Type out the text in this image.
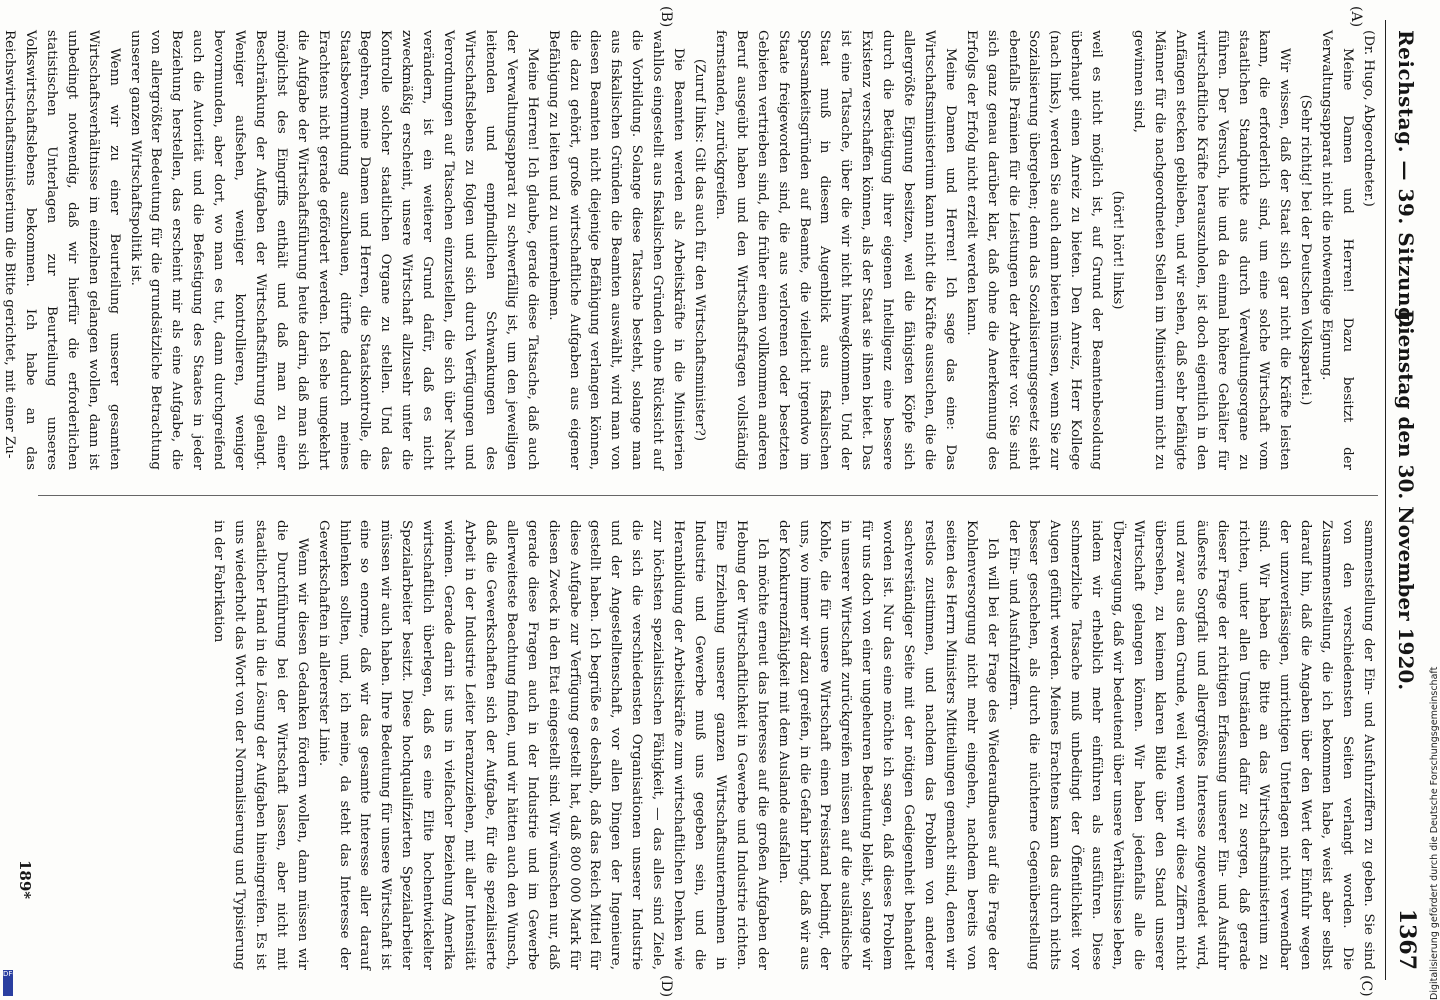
Reichstag. — 39. Sitzung.
Dienstag den 30. November 1920.
1367
(A)
(B)
(C)
(D)

(Dr. Hugo, Abgeordneter.)

Meine Damen und Herren! Dazu besitzt der Verwaltungsapparat nicht die notwendige Eignung.

(Sehr richtig! bei der Deutschen Volkspartei.)

Wir wissen, daß der Staat sich gar nicht die Kräfte leisten kann, die erforderlich sind, um eine solche Wirtschaft vom staatlichen Standpunkte aus durch Verwaltungsorgane zu führen. Der Versuch, hie und da einmal höhere Gehälter für wirtschaftliche Kräfte herauszuholen, ist doch eigentlich in den Anfängen stecken geblieben, und wir sehen, daß sehr befähigte Männer für die nachgeordneten Stellen im Ministerium nicht zu gewinnen sind,

(hört! hört! links)

weil es nicht möglich ist, auf Grund der Beamtenbesoldung überhaupt einen Anreiz zu bieten. Den Anreiz, Herr Kollege (nach links), werden Sie auch dann bieten müssen, wenn Sie zur Sozialisierung übergehen; denn das Sozialisierungsgesetz sieht ebenfalls Prämien für die Leistungen der Arbeiter vor. Sie sind sich ganz genau darüber klar, daß ohne die Anerkennung des Erfolgs der Erfolg nicht erzielt werden kann.

Meine Damen und Herren! Ich sage das eine: Das Wirtschaftsministerium kann nicht die Kräfte aussuchen, die die allergrößte Eignung besitzen, weil die fähigsten Köpfe sich durch die Betätigung ihrer eigenen Intelligenz eine bessere Existenz verschaffen können, als der Staat sie ihnen bietet. Das ist eine Tatsache, über die wir nicht hinwegkommen. Und der Staat muß in diesem Augenblick aus fiskalischen Sparsamkeitsgründen auf Beamte, die vielleicht irgendwo im Staate freigeworden sind, die aus verlorenen oder besetzten Gebieten vertrieben sind, die früher einen vollkommen anderen Beruf ausgeübt haben und den Wirtschaftsfragen vollständig fernstanden, zurückgreifen.

(Zuruf links: Gilt das auch für den Wirtschaftsminister?)

Die Beamten werden als Arbeitskräfte in die Ministerien wahllos eingestellt aus fiskalischen Gründen ohne Rücksicht auf die Vorbildung. Solange diese Tatsache besteht, solange man aus fiskalischen Gründen die Beamten auswählt, wird man von diesen Beamten nicht diejenige Befähigung verlangen können, die dazu gehört, große wirtschaftliche Aufgaben aus eigener Befähigung zu leiten und zu unternehmen.

Meine Herren! Ich glaube, gerade diese Tatsache, daß auch der Verwaltungsapparat zu schwerfällig ist, um den jeweiligen leitenden und empfindlichen Schwankungen des Wirtschaftslebens zu folgen und sich durch Verfügungen und Verordnungen auf Tatsachen einzustellen, die sich über Nacht verändern, ist ein weiterer Grund dafür, daß es nicht zweckmäßig erscheint, unsere Wirtschaft allzusehr unter die Kontrolle solcher staatlichen Organe zu stellen. Und das Begehren, meine Damen und Herren, die Staatskontrolle, die Staatsbevormundung auszubauen, dürfte dadurch meines Erachtens nicht gerade gefördert werden. Ich sehe umgekehrt die Aufgabe der Wirtschaftsführung heute darin, daß man sich möglichst des Eingriffs enthält und daß man zu einer Beschränkung der Aufgaben der Wirtschaftsführung gelangt. Weniger aufsehen, weniger kontrollieren, weniger bevormunden, aber dort, wo man es tut, dann durchgreifend auch die Autorität und die Befestigung des Staates in jeder Beziehung herstellen, das erscheint mir als eine Aufgabe, die von allergrößter Bedeutung für die grundsätzliche Betrachtung unserer ganzen Wirtschaftspolitik ist.

Wenn wir zu einer Beurteilung unserer gesamten Wirtschaftsverhältnisse im einzelnen gelangen wollen, dann ist unbedingt notwendig, daß wir hierfür die erforderlichen statistischen Unterlagen zur Beurteilung unseres Volkswirtschaftslebens bekommen. Ich habe an das Reichswirtschaftsministerium die Bitte gerichtet, mit einer Zu-

sammenstellung der Ein- und Ausfuhrziffern zu geben. Sie sind von den verschiedensten Seiten verlangt worden. Die Zusammenstellung, die ich bekommen habe, weist aber selbst darauf hin, daß die Angaben über den Wert der Einfuhr wegen der unzuverlässigen, unrichtigen Unterlagen nicht verwendbar sind. Wir haben die Bitte an das Wirtschaftsministerium zu richten, unter allen Umständen dafür zu sorgen, daß gerade dieser Frage der richtigen Erfassung unserer Ein- und Ausfuhr äußerste Sorgfalt und allergrößtes Interesse zugewendet wird, und zwar aus dem Grunde, weil wir, wenn wir diese Ziffern nicht übersehen, zu keinem klaren Bilde über den Stand unserer Wirtschaft gelangen können. Wir haben jedenfalls alle die Überzeugung, daß wir bedeutend über unsere Verhältnisse leben, indem wir erheblich mehr einführen als ausführen. Diese schmerzliche Tatsache muß unbedingt der Öffentlichkeit vor Augen geführt werden. Meines Erachtens kann das durch nichts besser geschehen, als durch die nüchterne Gegenüberstellung der Ein- und Ausfuhrziffern.

Ich will bei der Frage des Wiederaufbaues auf die Frage der Kohlenversorgung nicht mehr eingehen, nachdem bereits von seiten des Herrn Ministers Mitteilungen gemacht sind, denen wir restlos zustimmen, und nachdem das Problem von anderer sachverständiger Seite mit der nötigen Gediegenheit behandelt worden ist. Nur das eine möchte ich sagen, daß dieses Problem für uns doch von einer ungeheuren Bedeutung bleibt, solange wir in unserer Wirtschaft zurückgreifen müssen auf die ausländische Kohle, die für unsere Wirtschaft einen Preisstand bedingt, der uns, wo immer wir dazu greifen, in die Gefahr bringt, daß wir aus der Konkurrenzfähigkeit mit dem Auslande ausfallen.

Ich möchte erneut das Interesse auf die großen Aufgaben der Hebung der Wirtschaftlichkeit in Gewerbe und Industrie richten. Eine Erziehung unserer ganzen Wirtschaftsunternehmen in Industrie und Gewerbe muß uns gegeben sein, und die Heranbildung der Arbeitskräfte zum wirtschaftlichen Denken wie zur höchsten spezialistischen Fähigkeit, — das alles sind Ziele, die sich die verschiedensten Organisationen unserer Industrie und der Angestelltenschaft, vor allen Dingen der Ingenieure, gestellt haben. Ich begrüße es deshalb, daß das Reich Mittel für diese Aufgabe zur Verfügung gestellt hat, daß 800 000 Mark für diesen Zweck in den Etat eingestellt sind. Wir wünschen nur, daß gerade diese Fragen auch in der Industrie und im Gewerbe allerweiteste Beachtung finden, und wir hätten auch den Wunsch, daß die Gewerkschaften sich der Aufgabe, für die spezialisierte Arbeit in der Industrie Leiter heranzuziehen, mit aller Intensität widmen. Gerade darin ist uns in vielfacher Beziehung Amerika wirtschaftlich überlegen, daß es eine Elite hochentwickelter Spezialarbeiter besitzt. Diese hochqualifizierten Spezialarbeiter müssen wir auch haben. Ihre Bedeutung für unsere Wirtschaft ist eine so enorme, daß wir das gesamte Interesse aller darauf hinlenken sollten, und, ich meine, da steht das Interesse der Gewerkschaften in allererster Linie.

Wenn wir diesen Gedanken fördern wollen, dann müssen wir die Durchführung bei der Wirtschaft lassen, aber nicht mit staatlicher Hand in die Lösung der Aufgaben hineingreifen. Es ist uns wiederholt das Wort von der Normalisierung und Typisierung in der Fabrikation

189*	Digitalisierung gefördert durch die Deutsche Forschungsgemeinschaft
DFG
